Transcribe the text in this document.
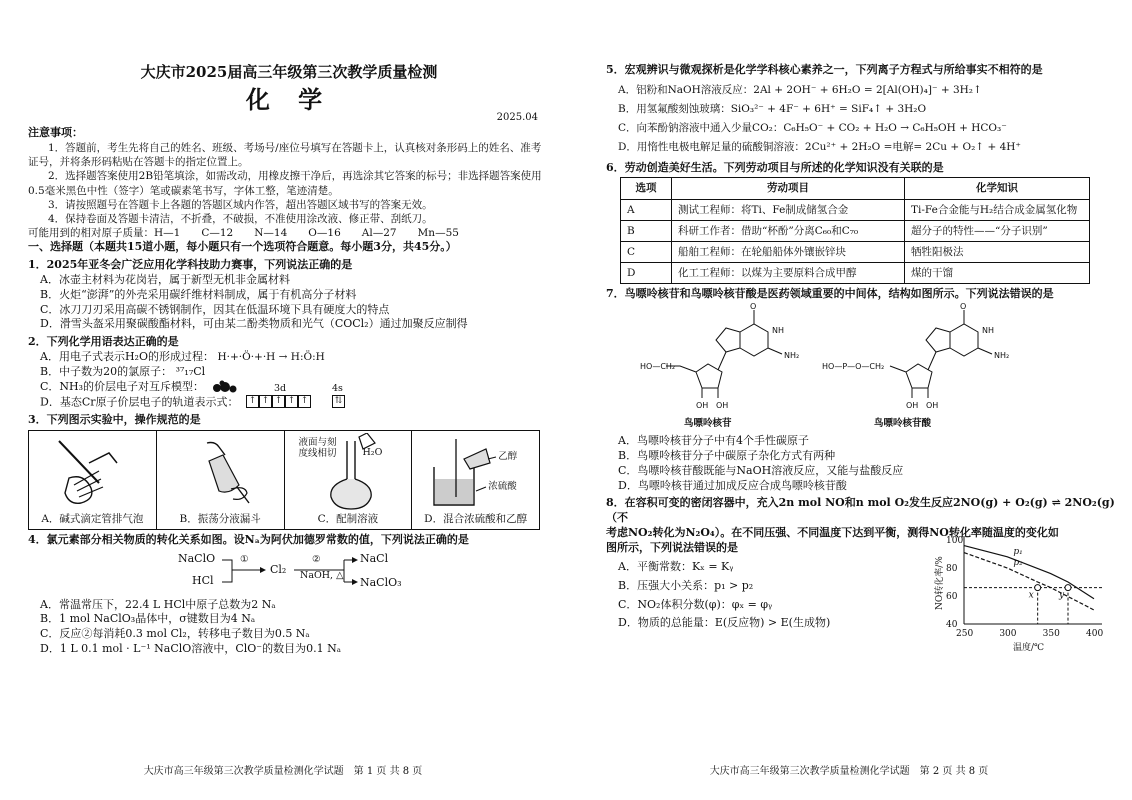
大庆市2025届高三年级第三次教学质量检测
化 学
2025.04
注意事项：

1．答题前，考生先将自己的姓名、班级、考场号/座位号填写在答题卡上，认真核对条形码上的姓名、准考证号，并将条形码粘贴在答题卡的指定位置上。

2．选择题答案使用2B铅笔填涂，如需改动，用橡皮擦干净后，再选涂其它答案的标号；非选择题答案使用0.5毫米黑色中性（签字）笔或碳素笔书写，字体工整，笔迹清楚。

3．请按照题号在答题卡上各题的答题区域内作答，超出答题区域书写的答案无效。

4．保持卷面及答题卡清洁，不折叠，不破损，不准使用涂改液、修正带、刮纸刀。

可能用到的相对原子质量：H—1　　C—12　　N—14　　O—16　　Al—27　　Mn—55
一、选择题（本题共15道小题，每小题只有一个选项符合题意。每小题3分，共45分。）
1．2025年亚冬会广泛应用化学科技助力赛事，下列说法正确的是
A．冰壶主材料为花岗岩，属于新型无机非金属材料
B．火炬“澎湃”的外壳采用碳纤维材料制成，属于有机高分子材料
C．冰刀刀刃采用高碳不锈钢制作，因其在低温环境下具有硬度大的特点
D．滑雪头盔采用聚碳酸酯材料，可由某二酚类物质和光气（COCl₂）通过加聚反应制得
2．下列化学用语表达正确的是
A．用电子式表示H₂O的形成过程： H·+·Ö·+·H → H:Ö:H
B．中子数为20的氯原子： ³⁷₁₇Cl
C．NH₃的价层电子对互斥模型：
D．基态Cr原子价层电子的轨道表示式：
3d	4s
↑ ↑ ↑ ↑ ↑	⇅
3．下列图示实验中，操作规范的是
A．碱式滴定管排气泡	B．振荡分液漏斗
液面与刻度线相切	H₂O
C．配制溶液
乙醇
浓硫酸
D．混合浓硫酸和乙醇
4．氯元素部分相关物质的转化关系如图。设Nₐ为阿伏加德罗常数的值，下列说法正确的是
NaClO
HCl
①
Cl₂
②
NaOH, △
NaCl
NaClO₃
A．常温常压下，22.4 L HCl中原子总数为2 Nₐ
B．1 mol NaClO₃晶体中，σ键数目为4 Nₐ
C．反应②每消耗0.3 mol Cl₂，转移电子数目为0.5 Nₐ
D．1 L 0.1 mol · L⁻¹ NaClO溶液中，ClO⁻的数目为0.1 Nₐ
大庆市高三年级第三次教学质量检测化学试题　第 1 页 共 8 页
5．宏观辨识与微观探析是化学学科核心素养之一，下列离子方程式与所给事实不相符的是
A．铝粉和NaOH溶液反应：2Al + 2OH⁻ + 6H₂O = 2[Al(OH)₄]⁻ + 3H₂↑
B．用氢氟酸刻蚀玻璃：SiO₃²⁻ + 4F⁻ + 6H⁺ = SiF₄↑ + 3H₂O
C．向苯酚钠溶液中通入少量CO₂：C₆H₅O⁻ + CO₂ + H₂O → C₆H₅OH + HCO₃⁻
D．用惰性电极电解足量的硫酸铜溶液：2Cu²⁺ + 2H₂O =电解= 2Cu + O₂↑ + 4H⁺
6．劳动创造美好生活。下列劳动项目与所述的化学知识没有关联的是
选项	劳动项目	化学知识
A	测试工程师：将Ti、Fe制成储氢合金	Ti-Fe合金能与H₂结合成金属氢化物
B	科研工作者：借助“杯酚”分离C₆₀和C₇₀	超分子的特性——“分子识别”
C	船舶工程师：在轮船船体外镶嵌锌块	牺牲阳极法
D	化工工程师：以煤为主要原料合成甲醇	煤的干馏
7．鸟嘌呤核苷和鸟嘌呤核苷酸是医药领域重要的中间体，结构如图所示。下列说法错误的是
O
NH
NH₂
HO—CH₂
OH OH
O
NH
NH₂
HO—P—O—CH₂
OH OH
鸟嘌呤核苷	鸟嘌呤核苷酸
A．鸟嘌呤核苷分子中有4个手性碳原子
B．鸟嘌呤核苷分子中碳原子杂化方式有两种
C．鸟嘌呤核苷酸既能与NaOH溶液反应，又能与盐酸反应
D．鸟嘌呤核苷通过加成反应合成鸟嘌呤核苷酸
8．在容积可变的密闭容器中，充入2n mol NO和n mol O₂发生反应2NO(g) + O₂(g) ⇌ 2NO₂(g)（不
考虑NO₂转化为N₂O₄）。在不同压强、不同温度下达到平衡，测得NO转化率随温度的变化如
图所示，下列说法错误的是
A．平衡常数：Kₓ = Kᵧ
B．压强大小关系：p₁ > p₂
C．NO₂体积分数(φ)：φₓ = φᵧ
D．物质的总能量：E(反应物) > E(生成物)
250	300	350	400
40
60
80
100
温度/℃
NO转化率/%
p₁
p₂
x	y
大庆市高三年级第三次教学质量检测化学试题　第 2 页 共 8 页
